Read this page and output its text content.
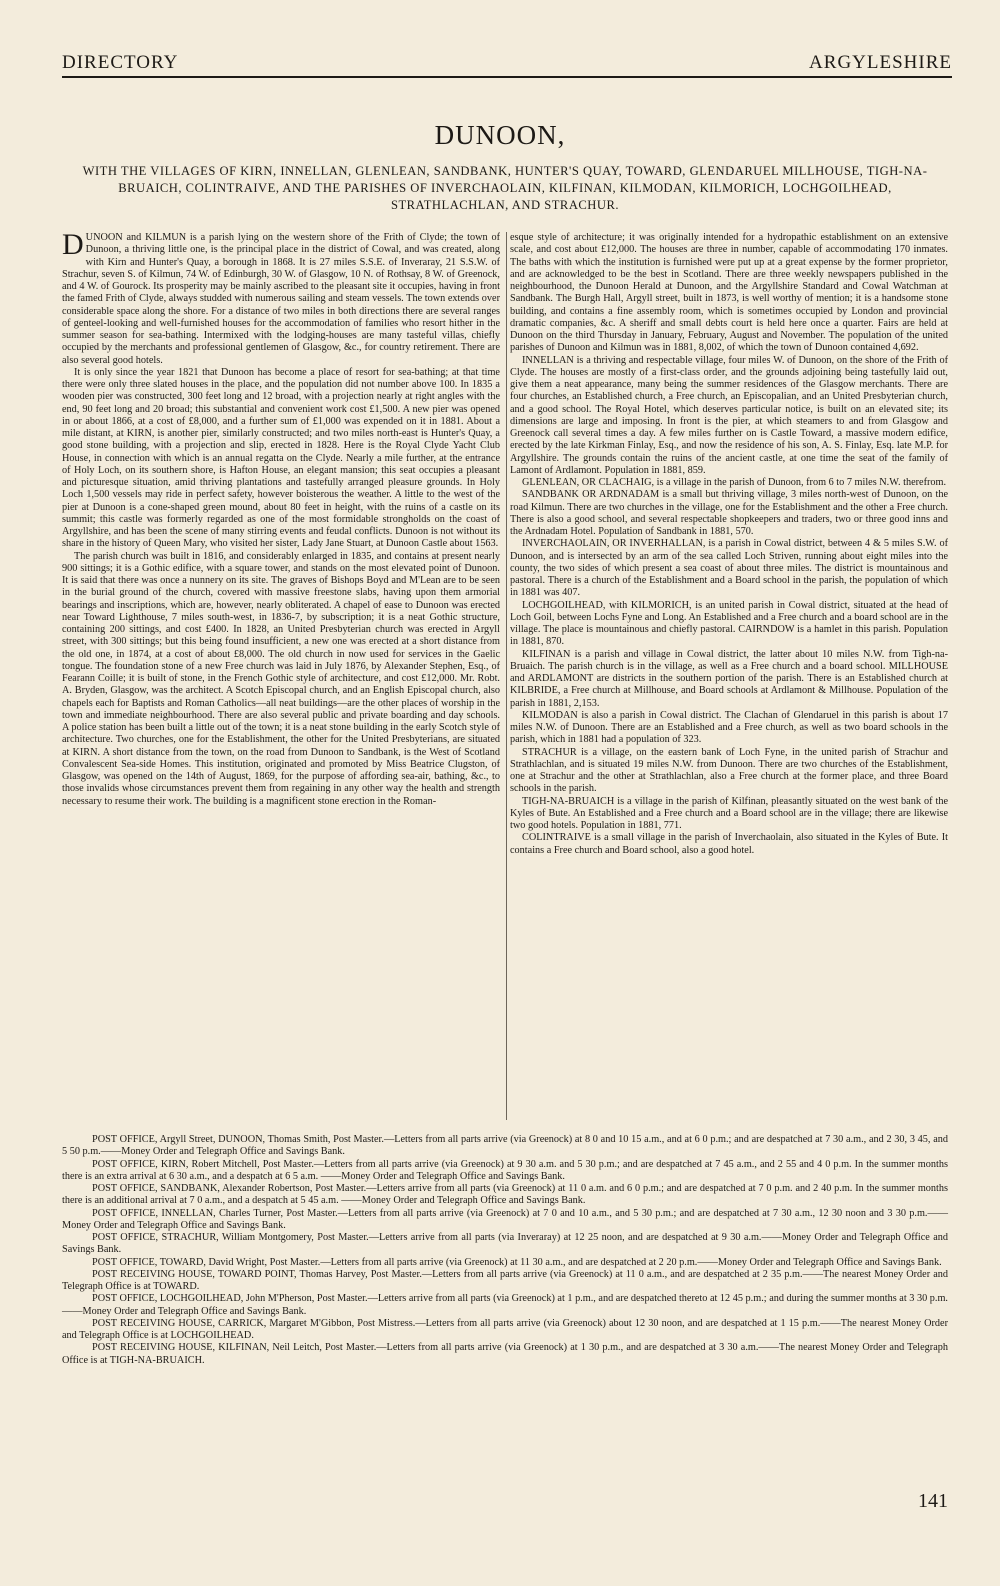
DIRECTORY	ARGYLESHIRE
DUNOON,
WITH THE VILLAGES OF KIRN, INNELLAN, GLENLEAN, SANDBANK, HUNTER'S QUAY, TOWARD, GLENDARUEL MILLHOUSE, TIGH-NA-BRUAICH, COLINTRAIVE, AND THE PARISHES OF INVERCHAOLAIN, KILFINAN, KILMODAN, KILMORICH, LOCHGOILHEAD, STRATHLACHLAN, AND STRACHUR.

DUNOON and KILMUN is a parish lying on the western shore of the Frith of Clyde; the town of Dunoon, a thriving little one, is the principal place in the district of Cowal, and was created, along with Kirn and Hunter's Quay, a borough in 1868. It is 27 miles S.S.E. of Inveraray, 21 S.S.W. of Strachur, seven S. of Kilmun, 74 W. of Edinburgh, 30 W. of Glasgow, 10 N. of Rothsay, 8 W. of Greenock, and 4 W. of Gourock. Its prosperity may be mainly ascribed to the pleasant site it occupies, having in front the famed Frith of Clyde, always studded with numerous sailing and steam vessels. The town extends over considerable space along the shore. For a distance of two miles in both directions there are several ranges of genteel-looking and well-furnished houses for the accommodation of families who resort hither in the summer season for sea-bathing. Intermixed with the lodging-houses are many tasteful villas, chiefly occupied by the merchants and professional gentlemen of Glasgow, &c., for country retirement. There are also several good hotels.

It is only since the year 1821 that Dunoon has become a place of resort for sea-bathing; at that time there were only three slated houses in the place, and the population did not number above 100. In 1835 a wooden pier was constructed, 300 feet long and 12 broad, with a projection nearly at right angles with the end, 90 feet long and 20 broad; this substantial and convenient work cost £1,500. A new pier was opened in or about 1866, at a cost of £8,000, and a further sum of £1,000 was expended on it in 1881. About a mile distant, at KIRN, is another pier, similarly constructed; and two miles north-east is Hunter's Quay, a good stone building, with a projection and slip, erected in 1828. Here is the Royal Clyde Yacht Club House, in connection with which is an annual regatta on the Clyde. Nearly a mile further, at the entrance of Holy Loch, on its southern shore, is Hafton House, an elegant mansion; this seat occupies a pleasant and picturesque situation, amid thriving plantations and tastefully arranged pleasure grounds. In Holy Loch 1,500 vessels may ride in perfect safety, however boisterous the weather. A little to the west of the pier at Dunoon is a cone-shaped green mound, about 80 feet in height, with the ruins of a castle on its summit; this castle was formerly regarded as one of the most formidable strongholds on the coast of Argyllshire, and has been the scene of many stirring events and feudal conflicts. Dunoon is not without its share in the history of Queen Mary, who visited her sister, Lady Jane Stuart, at Dunoon Castle about 1563.

The parish church was built in 1816, and considerably enlarged in 1835, and contains at present nearly 900 sittings; it is a Gothic edifice, with a square tower, and stands on the most elevated point of Dunoon. It is said that there was once a nunnery on its site. The graves of Bishops Boyd and M'Lean are to be seen in the burial ground of the church, covered with massive freestone slabs, having upon them armorial bearings and inscriptions, which are, however, nearly obliterated. A chapel of ease to Dunoon was erected near Toward Lighthouse, 7 miles south-west, in 1836-7, by subscription; it is a neat Gothic structure, containing 200 sittings, and cost £400. In 1828, an United Presbyterian church was erected in Argyll street, with 300 sittings; but this being found insufficient, a new one was erected at a short distance from the old one, in 1874, at a cost of about £8,000. The old church in now used for services in the Gaelic tongue. The foundation stone of a new Free church was laid in July 1876, by Alexander Stephen, Esq., of Fearann Coille; it is built of stone, in the French Gothic style of architecture, and cost £12,000. Mr. Robt. A. Bryden, Glasgow, was the architect. A Scotch Episcopal church, and an English Episcopal church, also chapels each for Baptists and Roman Catholics—all neat buildings—are the other places of worship in the town and immediate neighbourhood. There are also several public and private boarding and day schools. A police station has been built a little out of the town; it is a neat stone building in the early Scotch style of architecture. Two churches, one for the Establishment, the other for the United Presbyterians, are situated at KIRN. A short distance from the town, on the road from Dunoon to Sandbank, is the West of Scotland Convalescent Sea-side Homes. This institution, originated and promoted by Miss Beatrice Clugston, of Glasgow, was opened on the 14th of August, 1869, for the purpose of affording sea-air, bathing, &c., to those invalids whose circumstances prevent them from regaining in any other way the health and strength necessary to resume their work. The building is a magnificent stone erection in the Roman-

esque style of architecture; it was originally intended for a hydropathic establishment on an extensive scale, and cost about £12,000. The houses are three in number, capable of accommodating 170 inmates. The baths with which the institution is furnished were put up at a great expense by the former proprietor, and are acknowledged to be the best in Scotland. There are three weekly newspapers published in the neighbourhood, the Dunoon Herald at Dunoon, and the Argyllshire Standard and Cowal Watchman at Sandbank. The Burgh Hall, Argyll street, built in 1873, is well worthy of mention; it is a handsome stone building, and contains a fine assembly room, which is sometimes occupied by London and provincial dramatic companies, &c. A sheriff and small debts court is held here once a quarter. Fairs are held at Dunoon on the third Thursday in January, February, August and November. The population of the united parishes of Dunoon and Kilmun was in 1881, 8,002, of which the town of Dunoon contained 4,692.

INNELLAN is a thriving and respectable village, four miles W. of Dunoon, on the shore of the Frith of Clyde. The houses are mostly of a first-class order, and the grounds adjoining being tastefully laid out, give them a neat appearance, many being the summer residences of the Glasgow merchants. There are four churches, an Established church, a Free church, an Episcopalian, and an United Presbyterian church, and a good school. The Royal Hotel, which deserves particular notice, is built on an elevated site; its dimensions are large and imposing. In front is the pier, at which steamers to and from Glasgow and Greenock call several times a day. A few miles further on is Castle Toward, a massive modern edifice, erected by the late Kirkman Finlay, Esq., and now the residence of his son, A. S. Finlay, Esq. late M.P. for Argyllshire. The grounds contain the ruins of the ancient castle, at one time the seat of the family of Lamont of Ardlamont. Population in 1881, 859.

GLENLEAN, OR CLACHAIG, is a village in the parish of Dunoon, from 6 to 7 miles N.W. therefrom.

SANDBANK OR ARDNADAM is a small but thriving village, 3 miles north-west of Dunoon, on the road Kilmun. There are two churches in the village, one for the Establishment and the other a Free church. There is also a good school, and several respectable shopkeepers and traders, two or three good inns and the Ardnadam Hotel. Population of Sandbank in 1881, 570.

INVERCHAOLAIN, OR INVERHALLAN, is a parish in Cowal district, between 4 & 5 miles S.W. of Dunoon, and is intersected by an arm of the sea called Loch Striven, running about eight miles into the county, the two sides of which present a sea coast of about three miles. The district is mountainous and pastoral. There is a church of the Establishment and a Board school in the parish, the population of which in 1881 was 407.

LOCHGOILHEAD, with KILMORICH, is an united parish in Cowal district, situated at the head of Loch Goil, between Lochs Fyne and Long. An Established and a Free church and a board school are in the village. The place is mountainous and chiefly pastoral. CAIRNDOW is a hamlet in this parish. Population in 1881, 870.

KILFINAN is a parish and village in Cowal district, the latter about 10 miles N.W. from Tigh-na-Bruaich. The parish church is in the village, as well as a Free church and a board school. MILLHOUSE and ARDLAMONT are districts in the southern portion of the parish. There is an Established church at KILBRIDE, a Free church at Millhouse, and Board schools at Ardlamont & Millhouse. Population of the parish in 1881, 2,153.

KILMODAN is also a parish in Cowal district. The Clachan of Glendaruel in this parish is about 17 miles N.W. of Dunoon. There are an Established and a Free church, as well as two board schools in the parish, which in 1881 had a population of 323.

STRACHUR is a village, on the eastern bank of Loch Fyne, in the united parish of Strachur and Strathlachlan, and is situated 19 miles N.W. from Dunoon. There are two churches of the Establishment, one at Strachur and the other at Strathlachlan, also a Free church at the former place, and three Board schools in the parish.

TIGH-NA-BRUAICH is a village in the parish of Kilfinan, pleasantly situated on the west bank of the Kyles of Bute. An Established and a Free church and a Board school are in the village; there are likewise two good hotels. Population in 1881, 771.

COLINTRAIVE is a small village in the parish of Inverchaolain, also situated in the Kyles of Bute. It contains a Free church and Board school, also a good hotel.

POST OFFICE, Argyll Street, DUNOON, Thomas Smith, Post Master.—Letters from all parts arrive (via Greenock) at 8 0 and 10 15 a.m., and at 6 0 p.m.; and are despatched at 7 30 a.m., and 2 30, 3 45, and 5 50 p.m.——Money Order and Telegraph Office and Savings Bank.

POST OFFICE, KIRN, Robert Mitchell, Post Master.—Letters from all parts arrive (via Greenock) at 9 30 a.m. and 5 30 p.m.; and are despatched at 7 45 a.m., and 2 55 and 4 0 p.m. In the summer months there is an extra arrival at 6 30 a.m., and a despatch at 6 5 a.m. ——Money Order and Telegraph Office and Savings Bank.

POST OFFICE, SANDBANK, Alexander Robertson, Post Master.—Letters arrive from all parts (via Greenock) at 11 0 a.m. and 6 0 p.m.; and are despatched at 7 0 p.m. and 2 40 p.m. In the summer months there is an additional arrival at 7 0 a.m., and a despatch at 5 45 a.m. ——Money Order and Telegraph Office and Savings Bank.

POST OFFICE, INNELLAN, Charles Turner, Post Master.—Letters from all parts arrive (via Greenock) at 7 0 and 10 a.m., and 5 30 p.m.; and are despatched at 7 30 a.m., 12 30 noon and 3 30 p.m.——Money Order and Telegraph Office and Savings Bank.

POST OFFICE, STRACHUR, William Montgomery, Post Master.—Letters arrive from all parts (via Inveraray) at 12 25 noon, and are despatched at 9 30 a.m.——Money Order and Telegraph Office and Savings Bank.

POST OFFICE, TOWARD, David Wright, Post Master.—Letters from all parts arrive (via Greenock) at 11 30 a.m., and are despatched at 2 20 p.m.——Money Order and Telegraph Office and Savings Bank.

POST RECEIVING HOUSE, TOWARD POINT, Thomas Harvey, Post Master.—Letters from all parts arrive (via Greenock) at 11 0 a.m., and are despatched at 2 35 p.m.——The nearest Money Order and Telegraph Office is at TOWARD.

POST OFFICE, LOCHGOILHEAD, John M'Pherson, Post Master.—Letters arrive from all parts (via Greenock) at 1 p.m., and are despatched thereto at 12 45 p.m.; and during the summer months at 3 30 p.m.——Money Order and Telegraph Office and Savings Bank.

POST RECEIVING HOUSE, CARRICK, Margaret M'Gibbon, Post Mistress.—Letters from all parts arrive (via Greenock) about 12 30 noon, and are despatched at 1 15 p.m.——The nearest Money Order and Telegraph Office is at LOCHGOILHEAD.

POST RECEIVING HOUSE, KILFINAN, Neil Leitch, Post Master.—Letters from all parts arrive (via Greenock) at 1 30 p.m., and are despatched at 3 30 a.m.——The nearest Money Order and Telegraph Office is at TIGH-NA-BRUAICH.

141
